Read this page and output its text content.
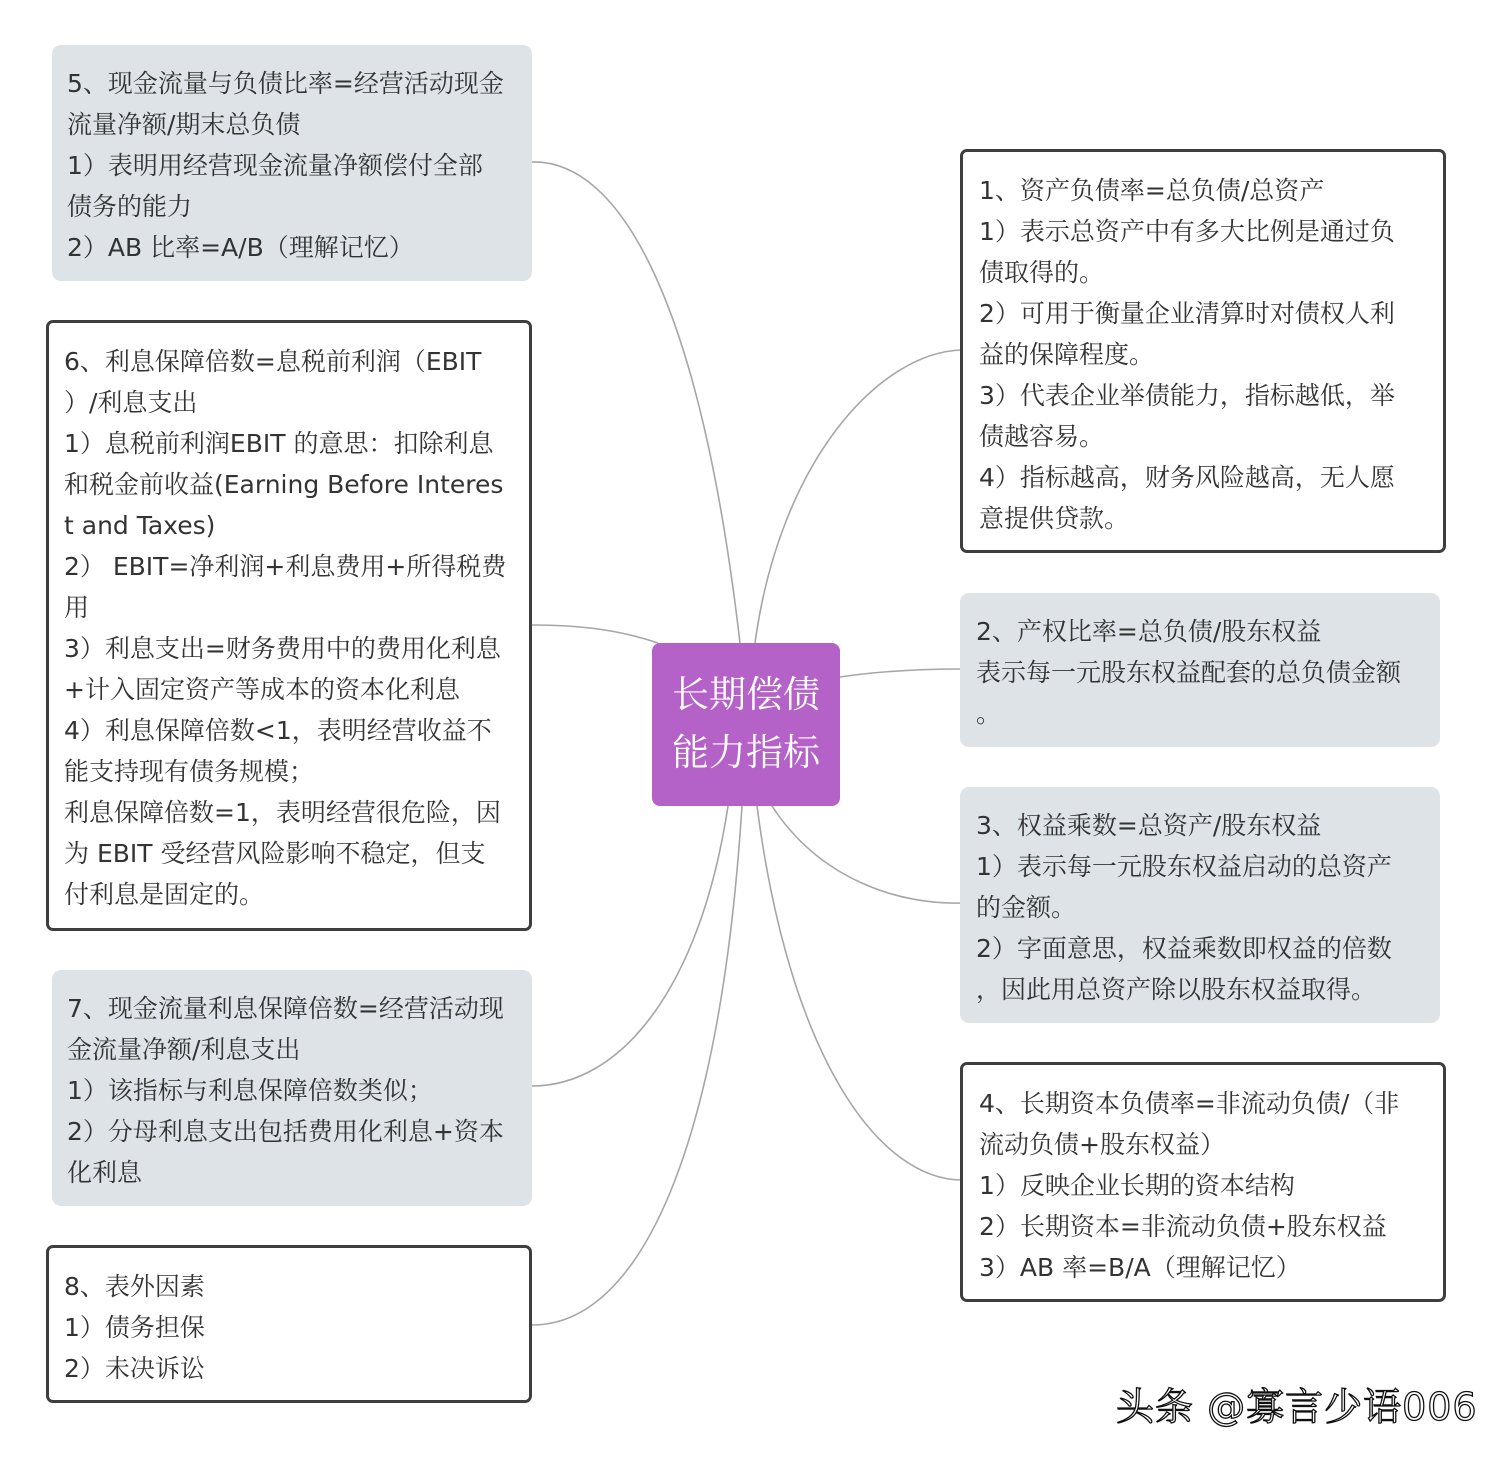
长期偿债
能力指标
1、资产负债率=总负债/总资产
1）表示总资产中有多大比例是通过负
债取得的。
2）可用于衡量企业清算时对债权人利
益的保障程度。
3）代表企业举债能力，指标越低，举
债越容易。
4）指标越高，财务风险越高，无人愿
意提供贷款。
2、产权比率=总负债/股东权益
表示每一元股东权益配套的总负债金额
。
3、权益乘数=总资产/股东权益
1）表示每一元股东权益启动的总资产
的金额。
2）字面意思，权益乘数即权益的倍数
，因此用总资产除以股东权益取得。
4、长期资本负债率=非流动负债/（非
流动负债+股东权益）
1）反映企业长期的资本结构
2）长期资本=非流动负债+股东权益
3）AB 率=B/A（理解记忆）
5、现金流量与负债比率=经营活动现金
流量净额/期末总负债
1）表明用经营现金流量净额偿付全部
债务的能力
2）AB 比率=A/B（理解记忆）
6、利息保障倍数=息税前利润（EBIT
）/利息支出
1）息税前利润EBIT 的意思：扣除利息
和税金前收益(Earning Before Interes
t and Taxes)
2） EBIT=净利润+利息费用+所得税费
用
3）利息支出=财务费用中的费用化利息
+计入固定资产等成本的资本化利息
4）利息保障倍数<1，表明经营收益不
能支持现有债务规模；
利息保障倍数=1，表明经营很危险，因
为 EBIT 受经营风险影响不稳定，但支
付利息是固定的。
7、现金流量利息保障倍数=经营活动现
金流量净额/利息支出
1）该指标与利息保障倍数类似；
2）分母利息支出包括费用化利息+资本
化利息
8、表外因素
1）债务担保
2）未决诉讼
头条 @寡言少语006
